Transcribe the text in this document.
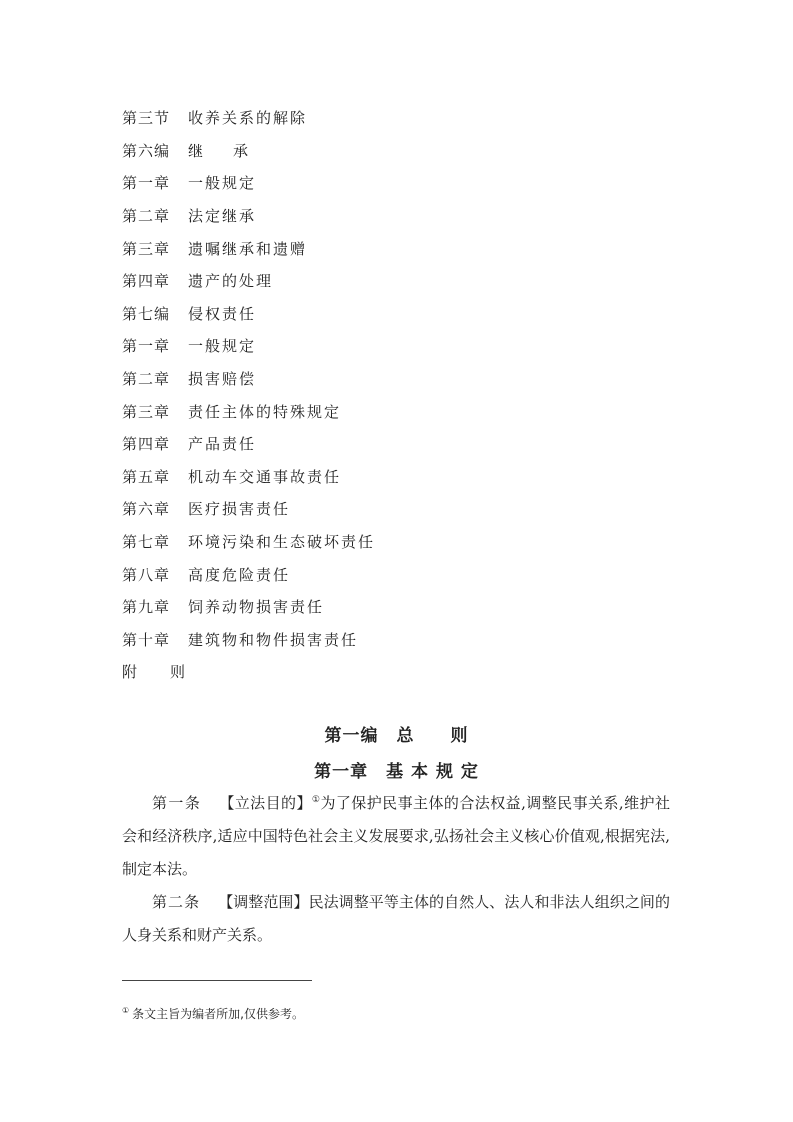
第三节	收养关系的解除
第六编	继　　承
第一章	一般规定
第二章	法定继承
第三章	遗嘱继承和遗赠
第四章	遗产的处理
第七编	侵权责任
第一章	一般规定
第二章	损害赔偿
第三章	责任主体的特殊规定
第四章	产品责任
第五章	机动车交通事故责任
第六章	医疗损害责任
第七章	环境污染和生态破坏责任
第八章	高度危险责任
第九章	饲养动物损害责任
第十章	建筑物和物件损害责任
附　　则
第一编　总　　则
第一章　基 本 规 定

第一条 【立法目的】①为了保护民事主体的合法权益,调整民事关系,维护社会和经济秩序,适应中国特色社会主义发展要求,弘扬社会主义核心价值观,根据宪法,制定本法。

第二条 【调整范围】民法调整平等主体的自然人、法人和非法人组织之间的人身关系和财产关系。

① 条文主旨为编者所加,仅供参考。
